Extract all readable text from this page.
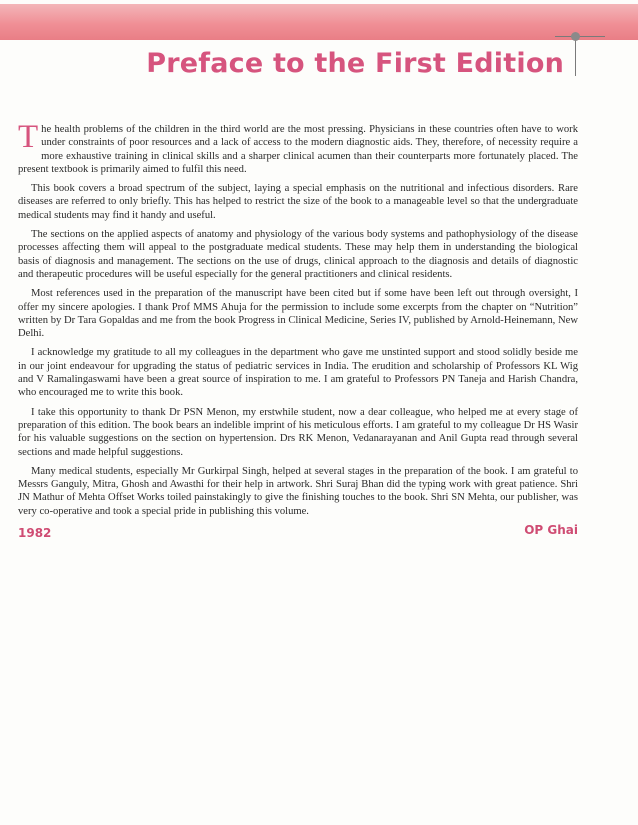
Preface to the First Edition

The health problems of the children in the third world are the most pressing. Physicians in these countries often have to work under constraints of poor resources and a lack of access to the modern diagnostic aids. They, therefore, of necessity require a more exhaustive training in clinical skills and a sharper clinical acumen than their counterparts more fortunately placed. The present textbook is primarily aimed to fulfil this need.

This book covers a broad spectrum of the subject, laying a special emphasis on the nutritional and infectious disorders. Rare diseases are referred to only briefly. This has helped to restrict the size of the book to a manageable level so that the undergraduate medical students may find it handy and useful.

The sections on the applied aspects of anatomy and physiology of the various body systems and pathophysiology of the disease processes affecting them will appeal to the postgraduate medical students. These may help them in understanding the biological basis of diagnosis and management. The sections on the use of drugs, clinical approach to the diagnosis and details of diagnostic and therapeutic procedures will be useful especially for the general practitioners and clinical residents.

Most references used in the preparation of the manuscript have been cited but if some have been left out through oversight, I offer my sincere apologies. I thank Prof MMS Ahuja for the permission to include some excerpts from the chapter on “Nutrition” written by Dr Tara Gopaldas and me from the book Progress in Clinical Medicine, Series IV, published by Arnold-Heinemann, New Delhi.

I acknowledge my gratitude to all my colleagues in the department who gave me unstinted support and stood solidly beside me in our joint endeavour for upgrading the status of pediatric services in India. The erudition and scholarship of Professors KL Wig and V Ramalingaswami have been a great source of inspiration to me. I am grateful to Professors PN Taneja and Harish Chandra, who encouraged me to write this book.

I take this opportunity to thank Dr PSN Menon, my erstwhile student, now a dear colleague, who helped me at every stage of preparation of this edition. The book bears an indelible imprint of his meticulous efforts. I am grateful to my colleague Dr HS Wasir for his valuable suggestions on the section on hypertension. Drs RK Menon, Vedanarayanan and Anil Gupta read through several sections and made helpful suggestions.

Many medical students, especially Mr Gurkirpal Singh, helped at several stages in the preparation of the book. I am grateful to Messrs Ganguly, Mitra, Ghosh and Awasthi for their help in artwork. Shri Suraj Bhan did the typing work with great patience. Shri JN Mathur of Mehta Offset Works toiled painstakingly to give the finishing touches to the book. Shri SN Mehta, our publisher, was very co-operative and took a special pride in publishing this volume.

1982	OP Ghai
